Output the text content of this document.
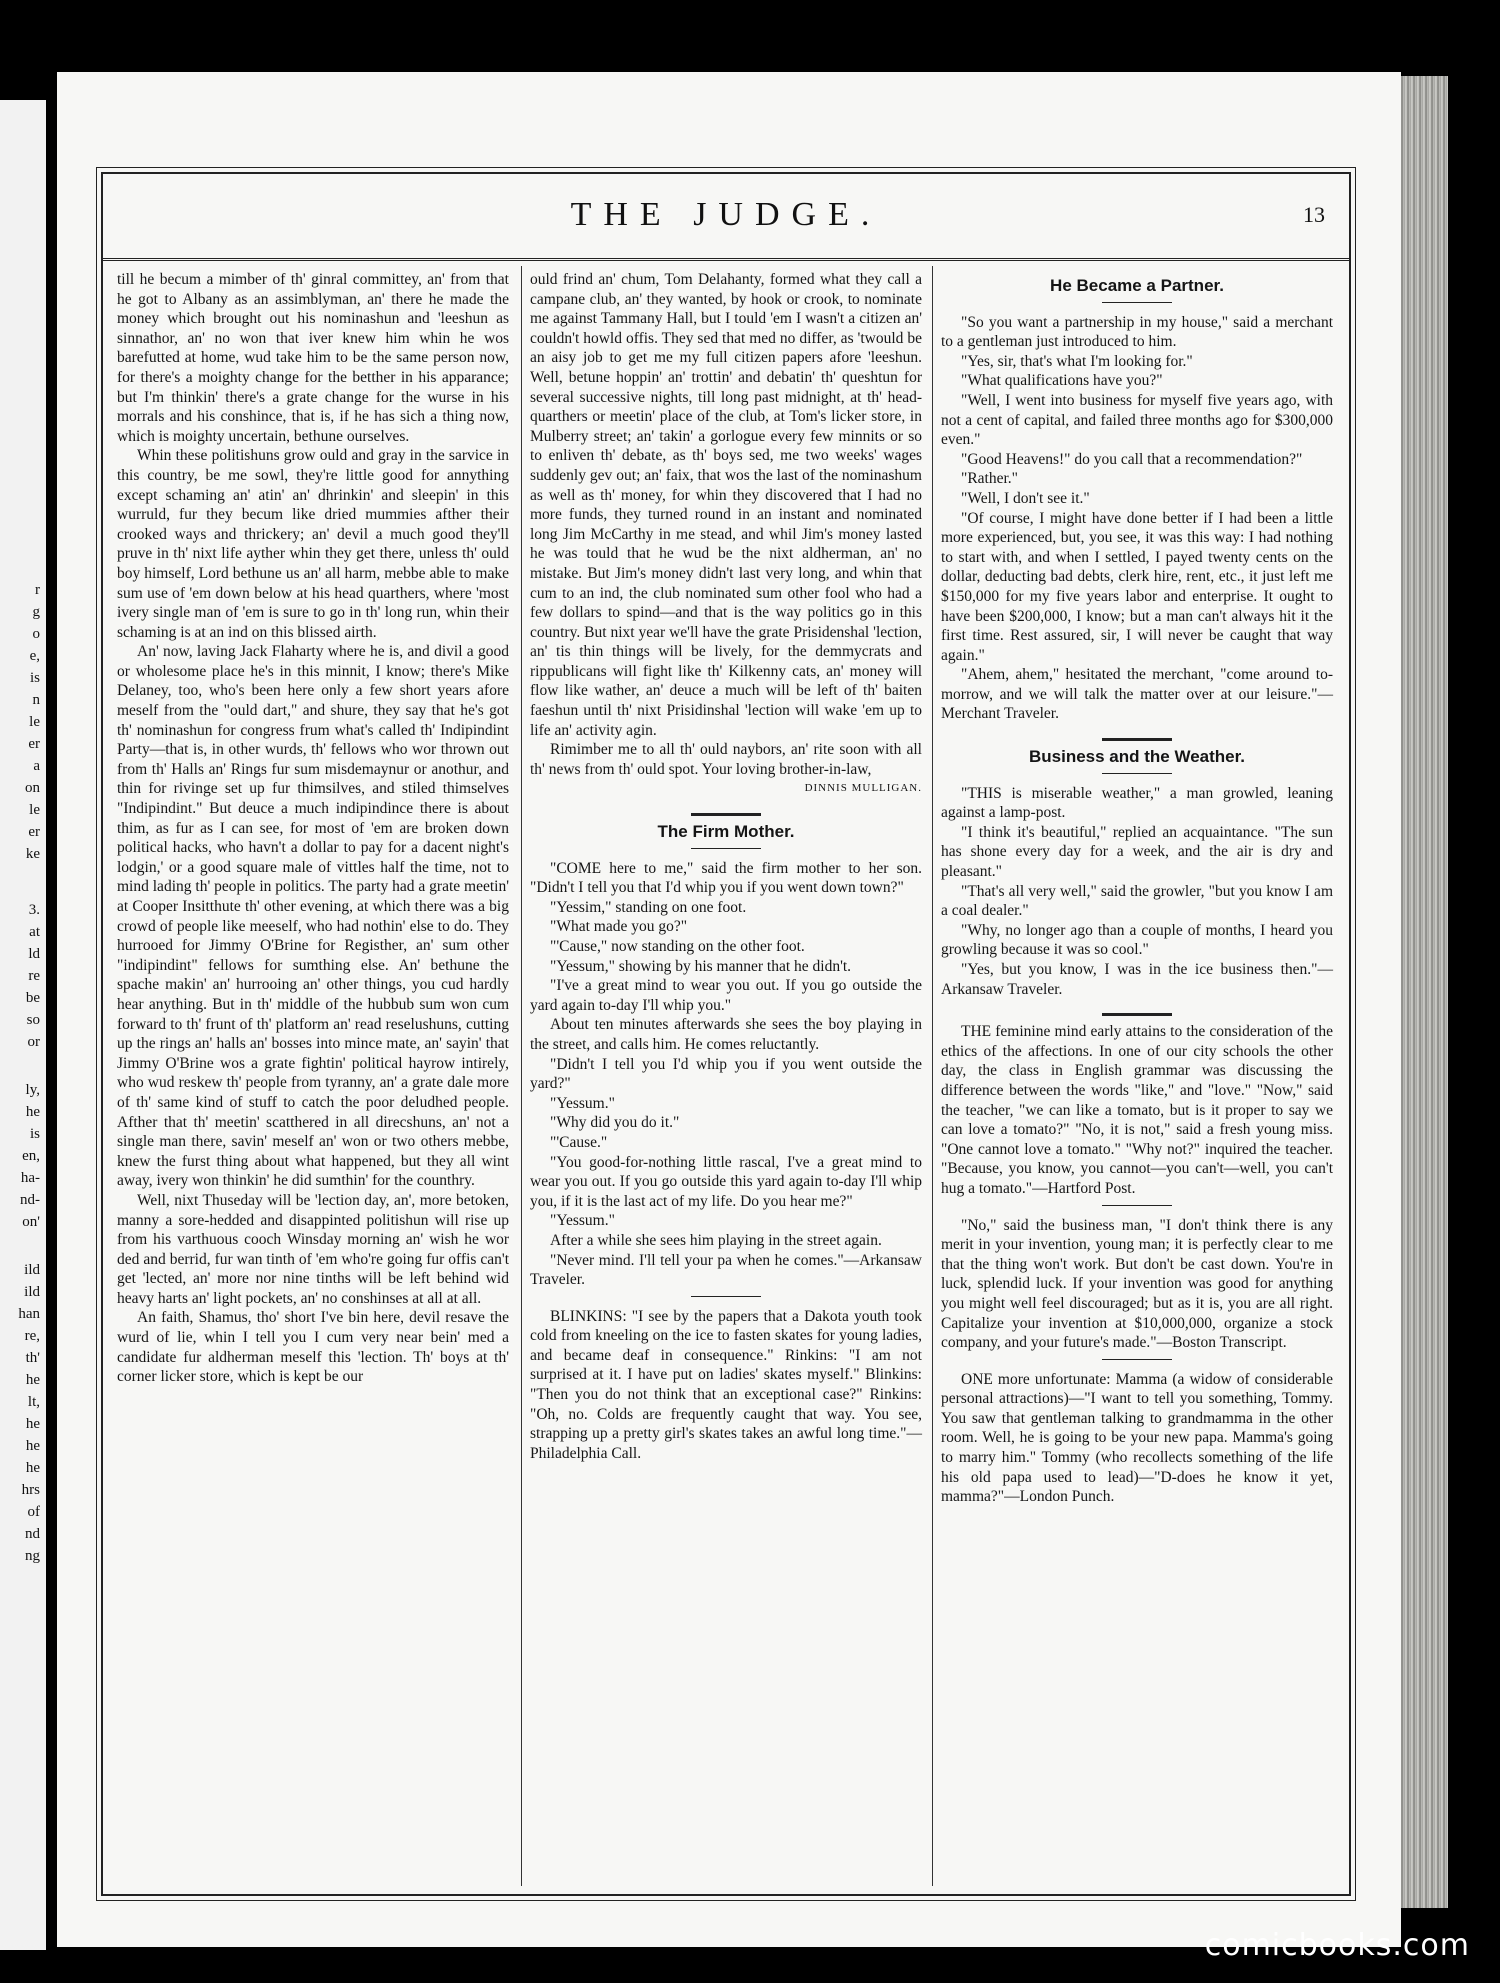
r
g
o
e,
is
n
le
er
a
on
le
er
ke
3.
at
ld
re
be
so
or
ly,
he
is
en,
ha-
nd-
on'
ild
ild
han
re,
th'
he
lt,
he
he
he
hrs
of
nd
ng
THE JUDGE.	13

till he becum a mimber of th' ginral committey, an' from that he got to Albany as an assimblyman, an' there he made the money which brought out his nominashun and 'leeshun as sinnathor, an' no won that iver knew him whin he wos barefutted at home, wud take him to be the same person now, for there's a moighty change for the betther in his apparance; but I'm thinkin' there's a grate change for the wurse in his morrals and his conshince, that is, if he has sich a thing now, which is moighty uncertain, bethune ourselves.

Whin these politishuns grow ould and gray in the sarvice in this country, be me sowl, they're little good for annything except schaming an' atin' an' dhrinkin' and sleepin' in this wurruld, fur they becum like dried mummies afther their crooked ways and thrickery; an' devil a much good they'll pruve in th' nixt life ayther whin they get there, unless th' ould boy himself, Lord bethune us an' all harm, mebbe able to make sum use of 'em down below at his head quarthers, where 'most ivery single man of 'em is sure to go in th' long run, whin their schaming is at an ind on this blissed airth.

An' now, laving Jack Flaharty where he is, and divil a good or wholesome place he's in this minnit, I know; there's Mike Delaney, too, who's been here only a few short years afore meself from the "ould dart," and shure, they say that he's got th' nominashun for congress frum what's called th' Indipindint Party—that is, in other wurds, th' fellows who wor thrown out from th' Halls an' Rings fur sum misdemaynur or anothur, and thin for rivinge set up fur thimsilves, and stiled thimselves "Indipindint." But deuce a much indipindince there is about thim, as fur as I can see, for most of 'em are broken down political hacks, who havn't a dollar to pay for a dacent night's lodgin,' or a good square male of vittles half the time, not to mind lading th' people in politics. The party had a grate meetin' at Cooper Insitthute th' other evening, at which there was a big crowd of people like meeself, who had nothin' else to do. They hurrooed for Jimmy O'Brine for Registher, an' sum other "indipindint" fellows for sumthing else. An' bethune the spache makin' an' hurrooing an' other things, you cud hardly hear anything. But in th' middle of the hubbub sum won cum forward to th' frunt of th' platform an' read reselushuns, cutting up the rings an' halls an' bosses into mince mate, an' sayin' that Jimmy O'Brine wos a grate fightin' political hayrow intirely, who wud reskew th' people from tyranny, an' a grate dale more of th' same kind of stuff to catch the poor deludhed people. Afther that th' meetin' scatthered in all direcshuns, an' not a single man there, savin' meself an' won or two others mebbe, knew the furst thing about what happened, but they all wint away, ivery won thinkin' he did sumthin' for the counthry.

Well, nixt Thuseday will be 'lection day, an', more betoken, manny a sore-hedded and disappinted politishun will rise up from his varthuous cooch Winsday morning an' wish he wor ded and berrid, fur wan tinth of 'em who're going fur offis can't get 'lected, an' more nor nine tinths will be left behind wid heavy harts an' light pockets, an' no conshinses at all at all.

An faith, Shamus, tho' short I've bin here, devil resave the wurd of lie, whin I tell you I cum very near bein' med a candidate fur aldherman meself this 'lection. Th' boys at th' corner licker store, which is kept be our

ould frind an' chum, Tom Delahanty, formed what they call a campane club, an' they wanted, by hook or crook, to nominate me against Tammany Hall, but I tould 'em I wasn't a citizen an' couldn't howld offis. They sed that med no differ, as 'twould be an aisy job to get me my full citizen papers afore 'leeshun. Well, betune hoppin' an' trottin' and debatin' th' queshtun for several successive nights, till long past midnight, at th' head-quarthers or meetin' place of the club, at Tom's licker store, in Mulberry street; an' takin' a gorlogue every few minnits or so to enliven th' debate, as th' boys sed, me two weeks' wages suddenly gev out; an' faix, that wos the last of the nominashum as well as th' money, for whin they discovered that I had no more funds, they turned round in an instant and nominated long Jim McCarthy in me stead, and whil Jim's money lasted he was tould that he wud be the nixt aldherman, an' no mistake. But Jim's money didn't last very long, and whin that cum to an ind, the club nominated sum other fool who had a few dollars to spind—and that is the way politics go in this country. But nixt year we'll have the grate Prisidenshal 'lection, an' tis thin things will be lively, for the demmycrats and rippublicans will fight like th' Kilkenny cats, an' money will flow like wather, an' deuce a much will be left of th' baiten faeshun until th' nixt Prisidinshal 'lection will wake 'em up to life an' activity agin.

Rimimber me to all th' ould naybors, an' rite soon with all th' news from th' ould spot. Your loving brother-in-law,

DINNIS MULLIGAN.

The Firm Mother.

"COME here to me," said the firm mother to her son. "Didn't I tell you that I'd whip you if you went down town?"

"Yessim," standing on one foot.

"What made you go?"

"'Cause," now standing on the other foot.

"Yessum," showing by his manner that he didn't.

"I've a great mind to wear you out. If you go outside the yard again to-day I'll whip you."

About ten minutes afterwards she sees the boy playing in the street, and calls him. He comes reluctantly.

"Didn't I tell you I'd whip you if you went outside the yard?"

"Yessum."

"Why did you do it."

"'Cause."

"You good-for-nothing little rascal, I've a great mind to wear you out. If you go outside this yard again to-day I'll whip you, if it is the last act of my life. Do you hear me?"

"Yessum."

After a while she sees him playing in the street again.

"Never mind. I'll tell your pa when he comes."—Arkansaw Traveler.

BLINKINS: "I see by the papers that a Dakota youth took cold from kneeling on the ice to fasten skates for young ladies, and became deaf in consequence." Rinkins: "I am not surprised at it. I have put on ladies' skates myself." Blinkins: "Then you do not think that an exceptional case?" Rinkins: "Oh, no. Colds are frequently caught that way. You see, strapping up a pretty girl's skates takes an awful long time."—Philadelphia Call.

He Became a Partner.

"So you want a partnership in my house," said a merchant to a gentleman just introduced to him.

"Yes, sir, that's what I'm looking for."

"What qualifications have you?"

"Well, I went into business for myself five years ago, with not a cent of capital, and failed three months ago for $300,000 even."

"Good Heavens!" do you call that a recommendation?"

"Rather."

"Well, I don't see it."

"Of course, I might have done better if I had been a little more experienced, but, you see, it was this way: I had nothing to start with, and when I settled, I payed twenty cents on the dollar, deducting bad debts, clerk hire, rent, etc., it just left me $150,000 for my five years labor and enterprise. It ought to have been $200,000, I know; but a man can't always hit it the first time. Rest assured, sir, I will never be caught that way again."

"Ahem, ahem," hesitated the merchant, "come around to-morrow, and we will talk the matter over at our leisure."—Merchant Traveler.

Business and the Weather.

"THIS is miserable weather," a man growled, leaning against a lamp-post.

"I think it's beautiful," replied an acquaintance. "The sun has shone every day for a week, and the air is dry and pleasant."

"That's all very well," said the growler, "but you know I am a coal dealer."

"Why, no longer ago than a couple of months, I heard you growling because it was so cool."

"Yes, but you know, I was in the ice business then."—Arkansaw Traveler.

THE feminine mind early attains to the consideration of the ethics of the affections. In one of our city schools the other day, the class in English grammar was discussing the difference between the words "like," and "love." "Now," said the teacher, "we can like a tomato, but is it proper to say we can love a tomato?" "No, it is not," said a fresh young miss. "One cannot love a tomato." "Why not?" inquired the teacher. "Because, you know, you cannot—you can't—well, you can't hug a tomato."—Hartford Post.

"No," said the business man, "I don't think there is any merit in your invention, young man; it is perfectly clear to me that the thing won't work. But don't be cast down. You're in luck, splendid luck. If your invention was good for anything you might well feel discouraged; but as it is, you are all right. Capitalize your invention at $10,000,000, organize a stock company, and your future's made."—Boston Transcript.

ONE more unfortunate: Mamma (a widow of considerable personal attractions)—"I want to tell you something, Tommy. You saw that gentleman talking to grandmamma in the other room. Well, he is going to be your new papa. Mamma's going to marry him." Tommy (who recollects something of the life his old papa used to lead)—"D-does he know it yet, mamma?"—London Punch.

comicbooks.com
